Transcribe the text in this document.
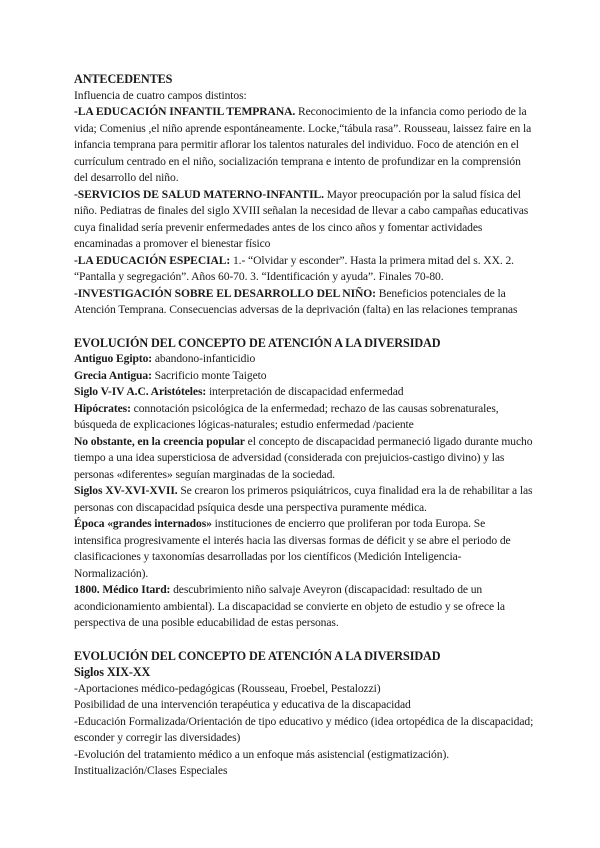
ANTECEDENTES

Influencia de cuatro campos distintos:

-LA EDUCACIÓN INFANTIL TEMPRANA. Reconocimiento de la infancia como periodo de la vida; Comenius ,el niño aprende espontáneamente. Locke,“tábula rasa”. Rousseau, laissez faire en la infancia temprana para permitir aflorar los talentos naturales del individuo. Foco de atención en el currículum centrado en el niño, socialización temprana e intento de profundizar en la comprensión del desarrollo del niño.

-SERVICIOS DE SALUD MATERNO-INFANTIL. Mayor preocupación por la salud física del niño. Pediatras de finales del siglo XVIII señalan la necesidad de llevar a cabo campañas educativas cuya finalidad sería prevenir enfermedades antes de los cinco años y fomentar actividades encaminadas a promover el bienestar físico

-LA EDUCACIÓN ESPECIAL: 1.- “Olvidar y esconder”. Hasta la primera mitad del s. XX. 2. “Pantalla y segregación”. Años 60-70. 3. “Identificación y ayuda”. Finales 70-80.

-INVESTIGACIÓN SOBRE EL DESARROLLO DEL NIÑO: Beneficios potenciales de la Atención Temprana. Consecuencias adversas de la deprivación (falta) en las relaciones tempranas

EVOLUCIÓN DEL CONCEPTO DE ATENCIÓN A LA DIVERSIDAD

Antiguo Egipto: abandono-infanticidio

Grecia Antigua: Sacrificio monte Taigeto

Siglo V-IV A.C. Aristóteles: interpretación de discapacidad enfermedad

Hipócrates: connotación psicológica de la enfermedad; rechazo de las causas sobrenaturales, búsqueda de explicaciones lógicas-naturales; estudio enfermedad /paciente

No obstante, en la creencia popular el concepto de discapacidad permaneció ligado durante mucho tiempo a una idea supersticiosa de adversidad (considerada con prejuicios-castigo divino) y las personas «diferentes» seguían marginadas de la sociedad.

Siglos XV-XVI-XVII. Se crearon los primeros psiquiátricos, cuya finalidad era la de rehabilitar a las personas con discapacidad psíquica desde una perspectiva puramente médica.

Época «grandes internados» instituciones de encierro que proliferan por toda Europa. Se intensifica progresivamente el interés hacia las diversas formas de déficit y se abre el periodo de clasificaciones y taxonomías desarrolladas por los científicos (Medición Inteligencia-Normalización).

1800. Médico Itard: descubrimiento niño salvaje Aveyron (discapacidad: resultado de un acondicionamiento ambiental). La discapacidad se convierte en objeto de estudio y se ofrece la perspectiva de una posible educabilidad de estas personas.

EVOLUCIÓN DEL CONCEPTO DE ATENCIÓN A LA DIVERSIDAD

Siglos XIX-XX

-Aportaciones médico-pedagógicas (Rousseau, Froebel, Pestalozzi)

Posibilidad de una intervención terapéutica y educativa de la discapacidad

-Educación Formalizada/Orientación de tipo educativo y médico (idea ortopédica de la discapacidad; esconder y corregir las diversidades)

-Evolución del tratamiento médico a un enfoque más asistencial (estigmatización). Institualización/Clases Especiales
